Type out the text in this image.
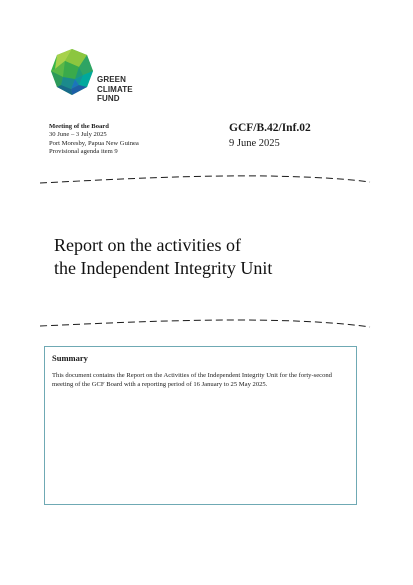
GREEN
CLIMATE
FUND
Meeting of the Board
30 June – 3 July 2025
Port Moresby, Papua New Guinea
Provisional agenda item 9
GCF/B.42/Inf.02
9 June 2025
Report on the activities of
the Independent Integrity Unit
Summary
This document contains the Report on the Activities of the Independent Integrity Unit for the forty-second meeting of the GCF Board with a reporting period of 16 January to 25 May 2025.
